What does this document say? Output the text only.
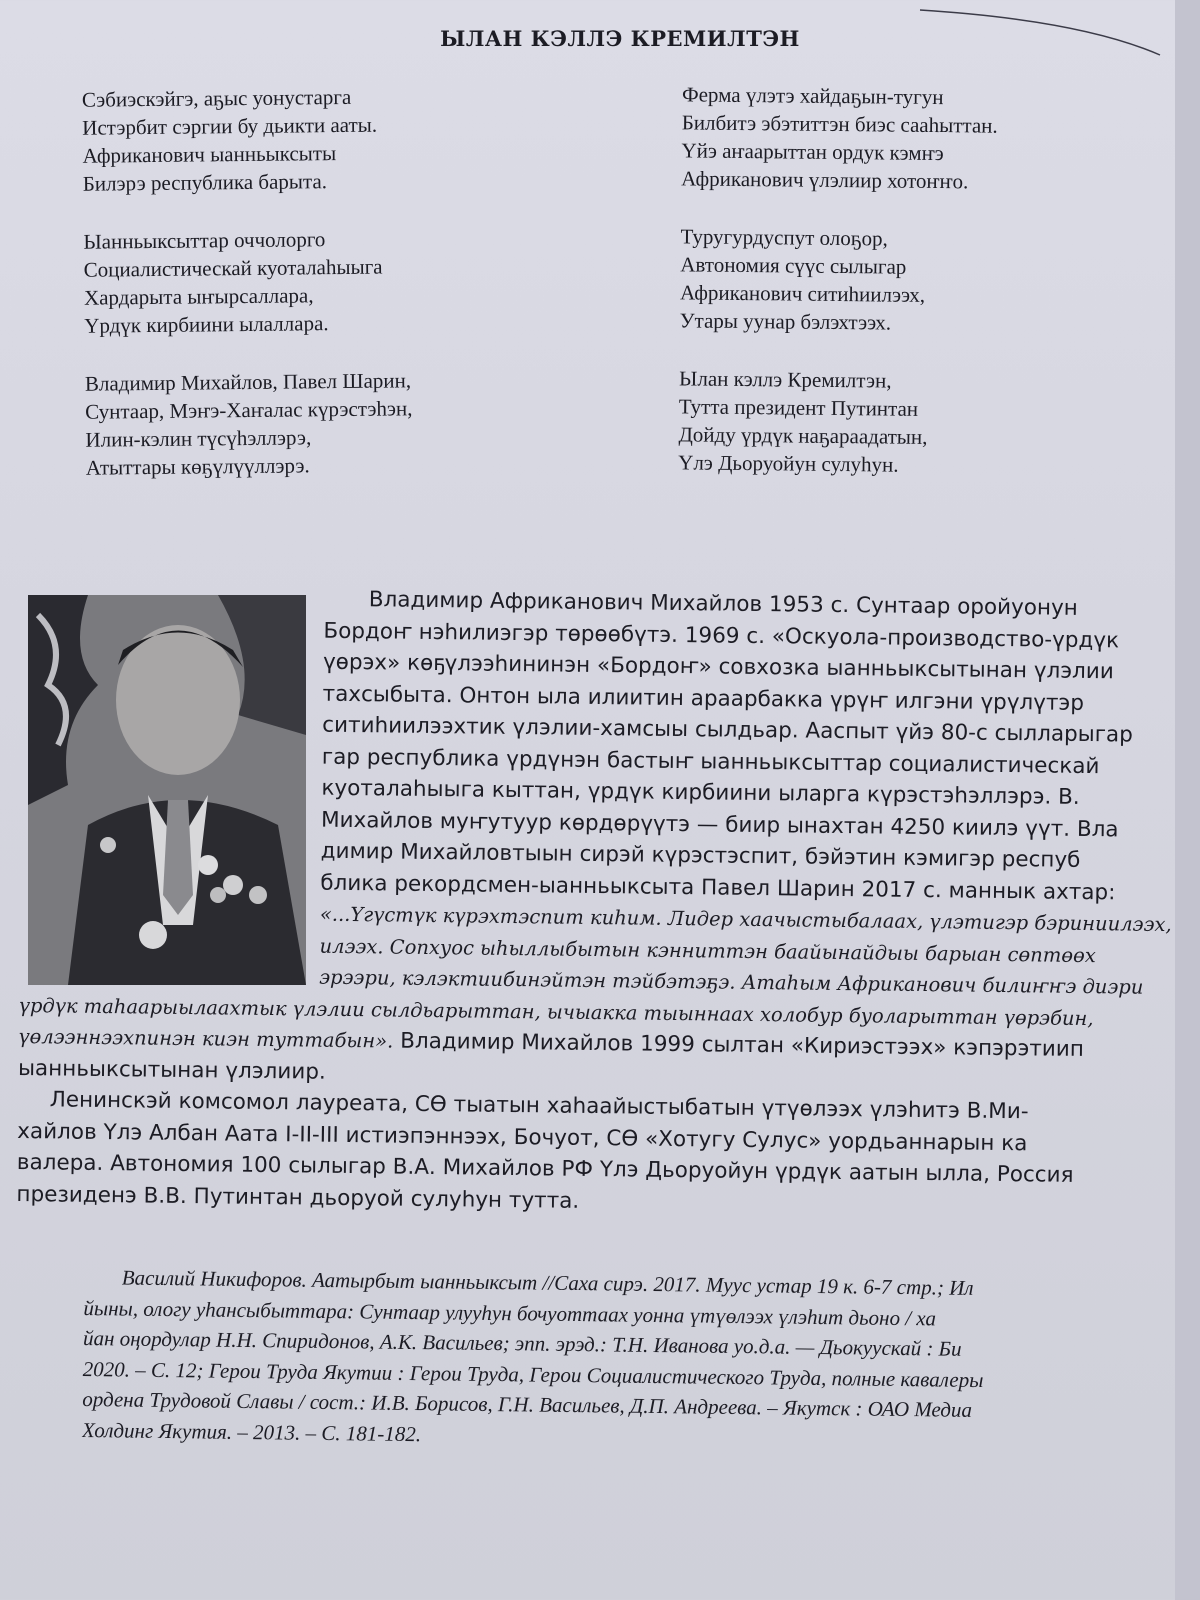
ЫЛАН КЭЛЛЭ КРЕМИЛТЭН
Сэбиэскэйгэ, аҕыс уонустарга
Истэрбит сэргии бу дьикти ааты.
Африканович ыанньыксыты
Билэрэ республика барыта.
Ыанньыксыттар оччолорго
Социалистическай куоталаһыыга
Хардарыта ыҥырсаллара,
Үрдүк кирбиини ылаллара.
Владимир Михайлов, Павел Шарин,
Сунтаар, Мэҥэ-Хаҥалас күрэстэһэн,
Илин-кэлин түсүһэллэрэ,
Атыттары көҕүлүүллэрэ.
Ферма үлэтэ хайдаҕын-тугун
Билбитэ эбэтиттэн биэс сааһыттан.
Үйэ аҥаарыттан ордук кэмҥэ
Африканович үлэлиир хотоҥҥо.
Туругурдуспут олоҕор,
Автономия сүүс сылыгар
Африканович ситиһиилээх,
Утары уунар бэлэхтээх.
Ылан кэллэ Кремилтэн,
Тутта президент Путинтан
Дойду үрдүк наҕараадатын,
Үлэ Дьоруойун сулуһун.
Владимир Африканович Михайлов 1953 с. Сунтаар оройуонун
Бордоҥ нэһилиэгэр төрөөбүтэ. 1969 с. «Оскуола-производство-үрдүк
үөрэх» көҕүлээһининэн «Бордоҥ» совхозка ыанньыксытынан үлэлии
тахсыбыта. Онтон ыла илиитин араарбакка үрүҥ илгэни үрүлүтэр
ситиһиилээхтик үлэлии-хамсыы сылдьар. Ааспыт үйэ 80-с сылларыгар
гар республика үрдүнэн бастыҥ ыанньыксыттар социалистическай
куоталаһыыга кыттан, үрдүк кирбиини ыларга күрэстэһэллэрэ. В.
Михайлов муҥутуур көрдөрүүтэ — биир ынахтан 4250 киилэ үүт. Вла
димир Михайловтыын сирэй күрэстэспит, бэйэтин кэмигэр респуб
блика рекордсмен-ыанньыксыта Павел Шарин 2017 с. маннык ахтар:
«...Үгүстүк күрэхтэспит киһим. Лидер хаачыстыбалаах, үлэтигэр бэриниилээх,
илээх. Сопхуос ыһыллыбытын кэнниттэн баайынайдыы барыан сөптөөх
эрээри, кэлэктиибинэйтэн тэйбэтэҕэ. Атаһым Африканович билиҥҥэ диэри
үрдүк таһаарыылаахтык үлэлии сылдьарыттан, ычыакка тыыннаах холобур буоларыттан үөрэбин,
үөлээннээхпинэн киэн туттабын». Владимир Михайлов 1999 сылтан «Кириэстээх» кэпэрэтиип
ыанньыксытынан үлэлиир.
Ленинскэй комсомол лауреата, СӨ тыатын хаһаайыстыбатын үтүөлээх үлэһитэ В.Ми-
хайлов Үлэ Албан Аата I-II-III истиэпэннээх, Бочуот, СӨ «Хотугу Сулус» уордьаннарын ка
валера. Автономия 100 сылыгар В.А. Михайлов РФ Үлэ Дьоруойун үрдүк аатын ылла, Россия
президенэ В.В. Путинтан дьоруой сулуһун тутта.
Василий Никифоров. Аатырбыт ыанньыксыт //Саха сирэ. 2017. Муус устар 19 к. 6-7 стр.; Ил
йыны, ологу уһансыбыттара: Сунтаар улууһун бочуоттаах уонна үтүөлээх үлэһит дьоно / ха
йан оңордулар Н.Н. Спиридонов, А.К. Васильев; эпп. эрэд.: Т.Н. Иванова уо.д.а. — Дьокуускай : Би
2020. – С. 12; Герои Труда Якутии : Герои Труда, Герои Социалистического Труда, полные кавалеры
ордена Трудовой Славы / сост.: И.В. Борисов, Г.Н. Васильев, Д.П. Андреева. – Якутск : ОАО Медиа
Холдинг Якутия. – 2013. – С. 181-182.
